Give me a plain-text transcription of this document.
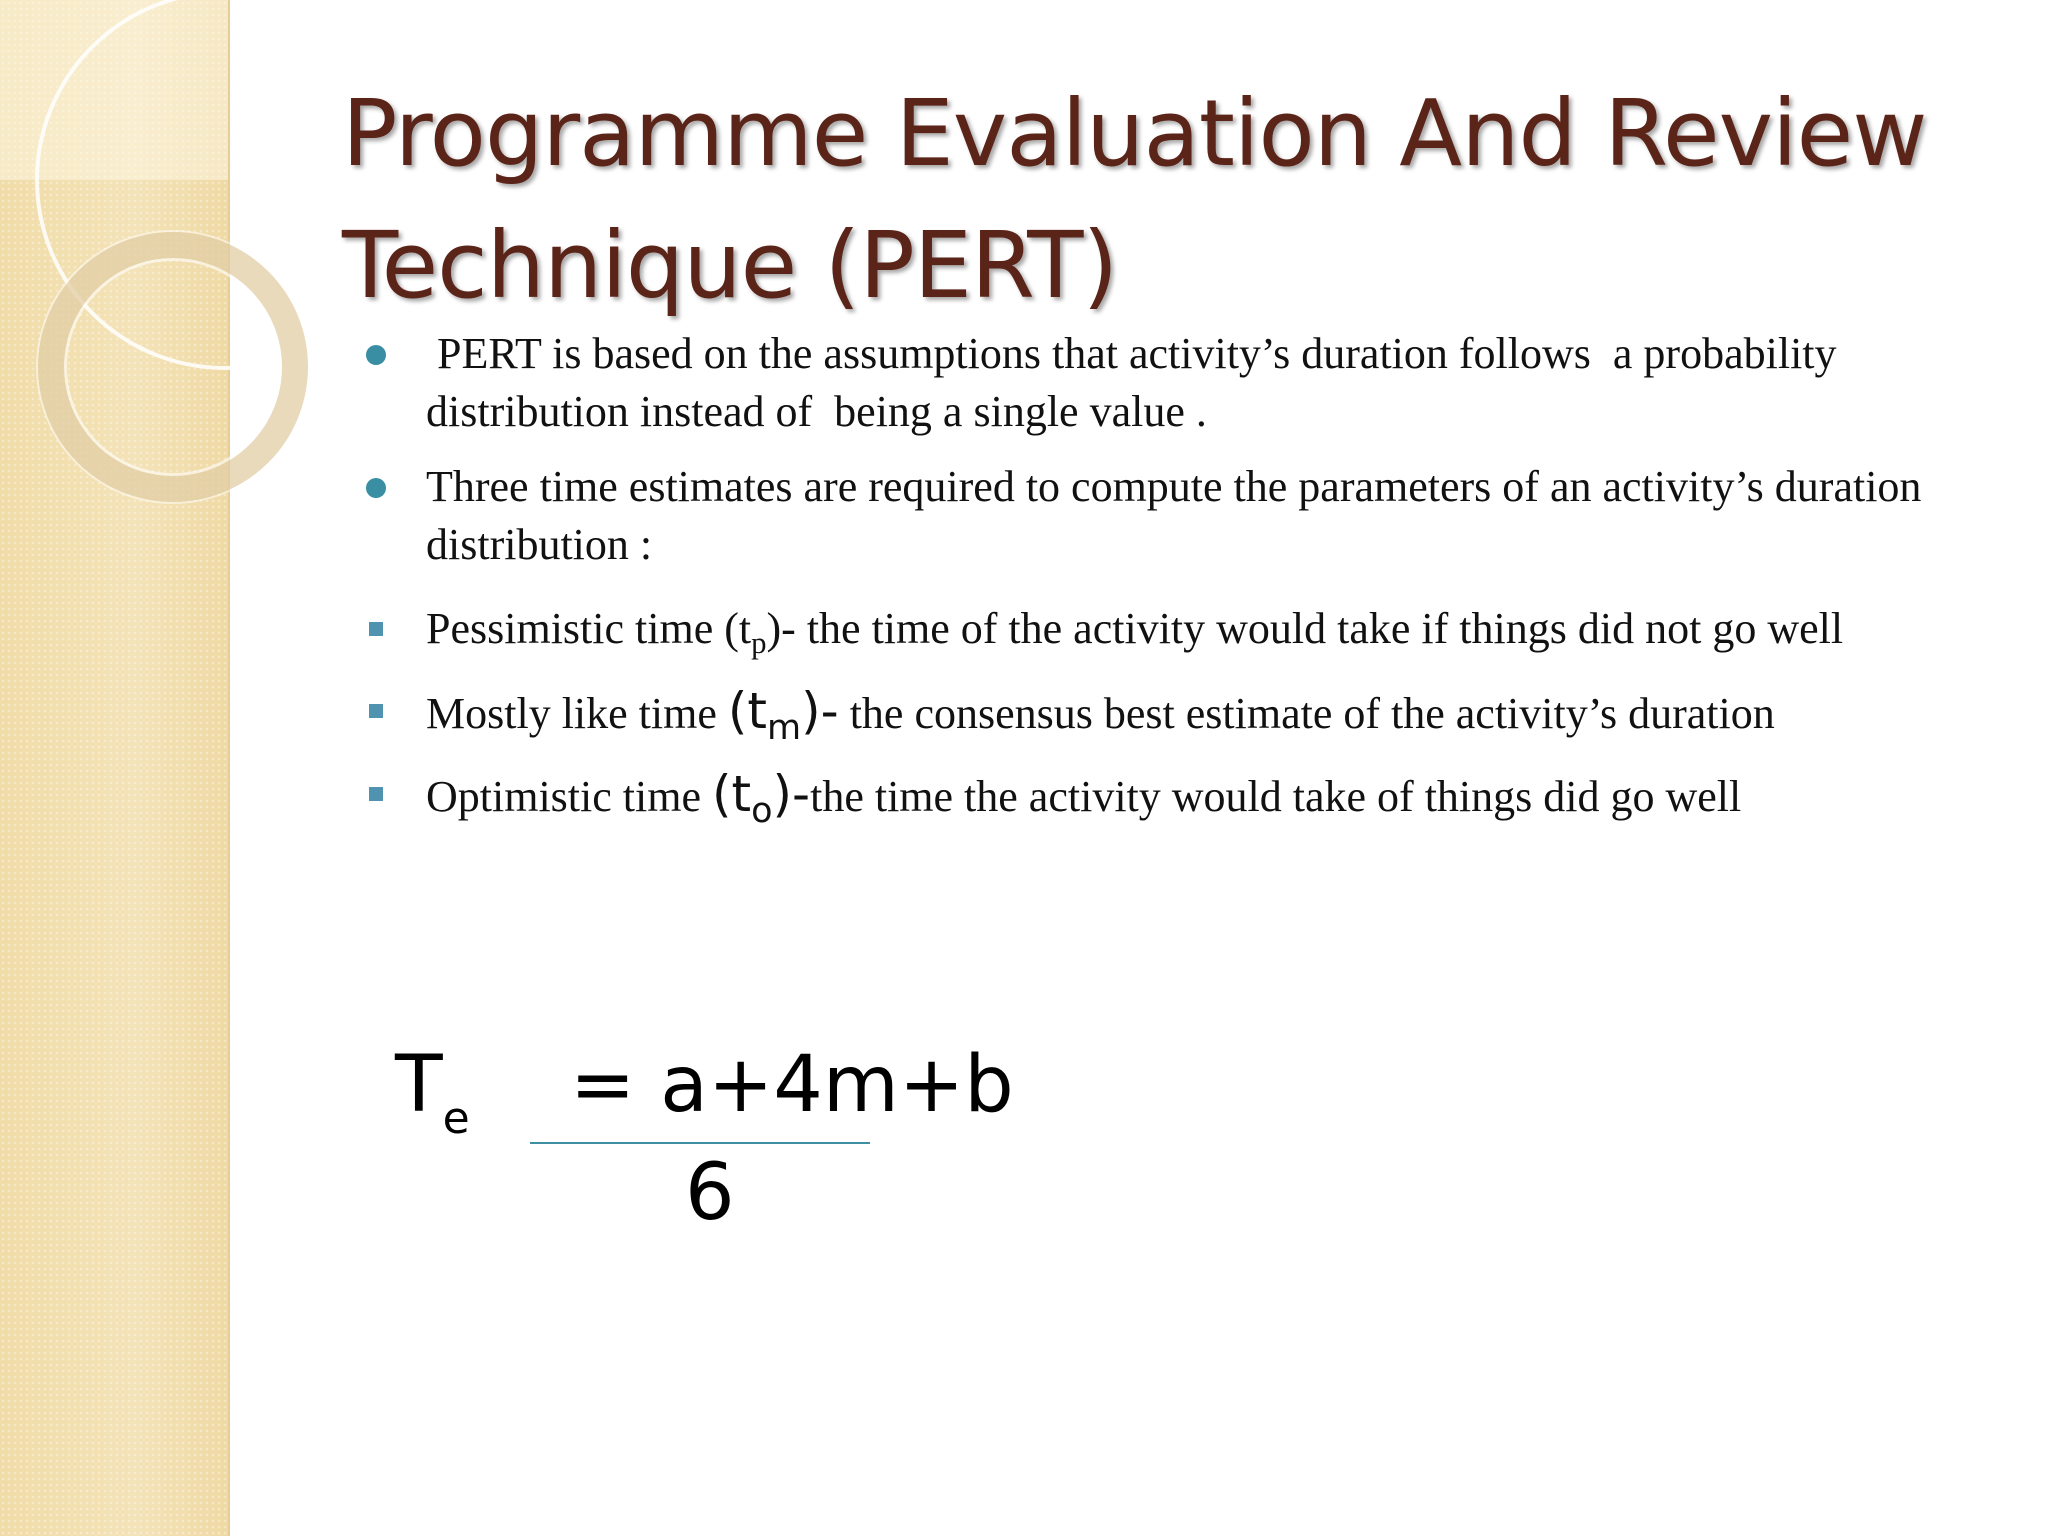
Programme Evaluation And Review Technique (PERT)
PERT is based on the assumptions that activity’s duration follows  a probability distribution instead of  being a single value .
Three time estimates are required to compute the parameters of an activity’s duration distribution :
Pessimistic time $(t_p)-$ the time of the activity would take if things did not go well
Mostly like time $(t_m)-$ the consensus best estimate of the activity’s duration
Optimistic time $(t_o)$-the time the activity would take of things did go well
$T_e = a+4m+b$
6
